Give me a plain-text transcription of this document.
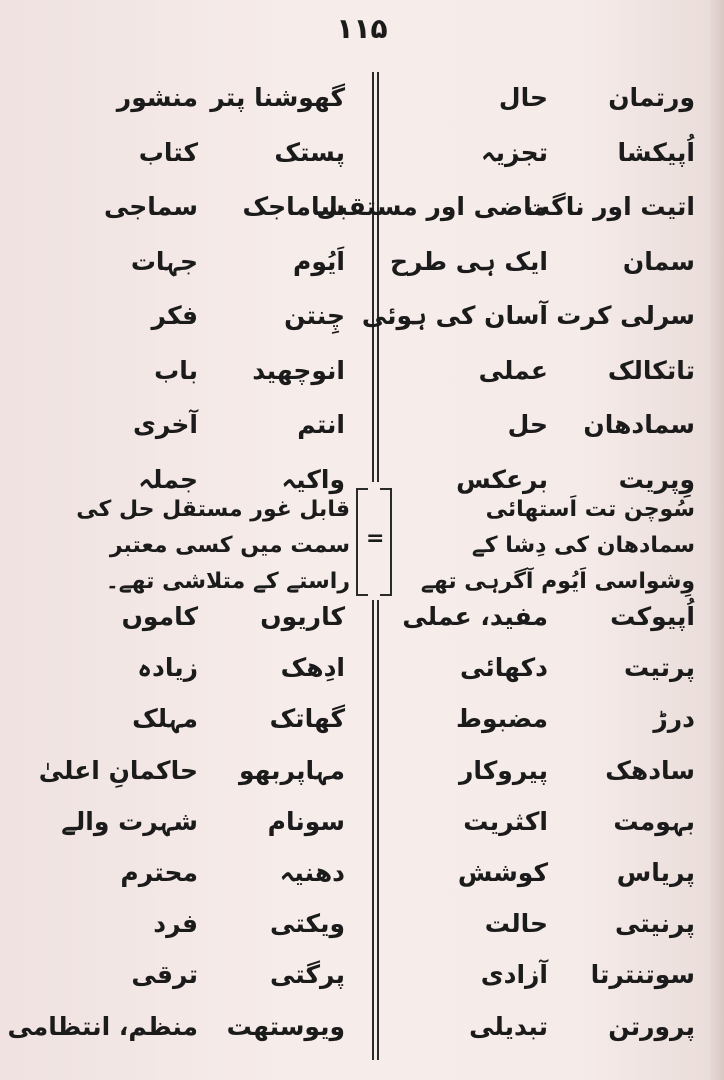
۱۱۵
ورتمان
اُپیکشا
اتیت اور ناگت
سمان
سرلی کرت
تاتکالک
سمادھان
وِپریت
حال
تجزیہ
ماضی اور مستقبل
ایک ہی طرح
آسان کی ہوئی
عملی
حل
برعکس
گھوشنا پتر
پستک
ساماجک
اَیُوم
چِنتن
انوچھید
انتم
واکیہ
منشور
کتاب
سماجی
جہات
فکر
باب
آخری
جملہ
=
سُوچن تت اَستھائی سمادھان کی دِشا کے وِشواسی اَیُوم آگرہی تھے
قابل غور مستقل حل کی سمت میں کسی معتبر راستے کے متلاشی تھے۔
اُپیوکت
پرتیت
درڑ
سادھک
بہومت
پریاس
پرنیتی
سوتنترتا
پرورتن
مفید، عملی
دکھائی
مضبوط
پیروکار
اکثریت
کوشش
حالت
آزادی
تبدیلی
کاریوں
ادِھک
گھاتک
مہاپربھو
سونام
دھنیہ
ویکتی
پرگتی
ویوستھت
کاموں
زیادہ
مہلک
حاکمانِ اعلیٰ
شہرت والے
محترم
فرد
ترقی
منظم، انتظامی
